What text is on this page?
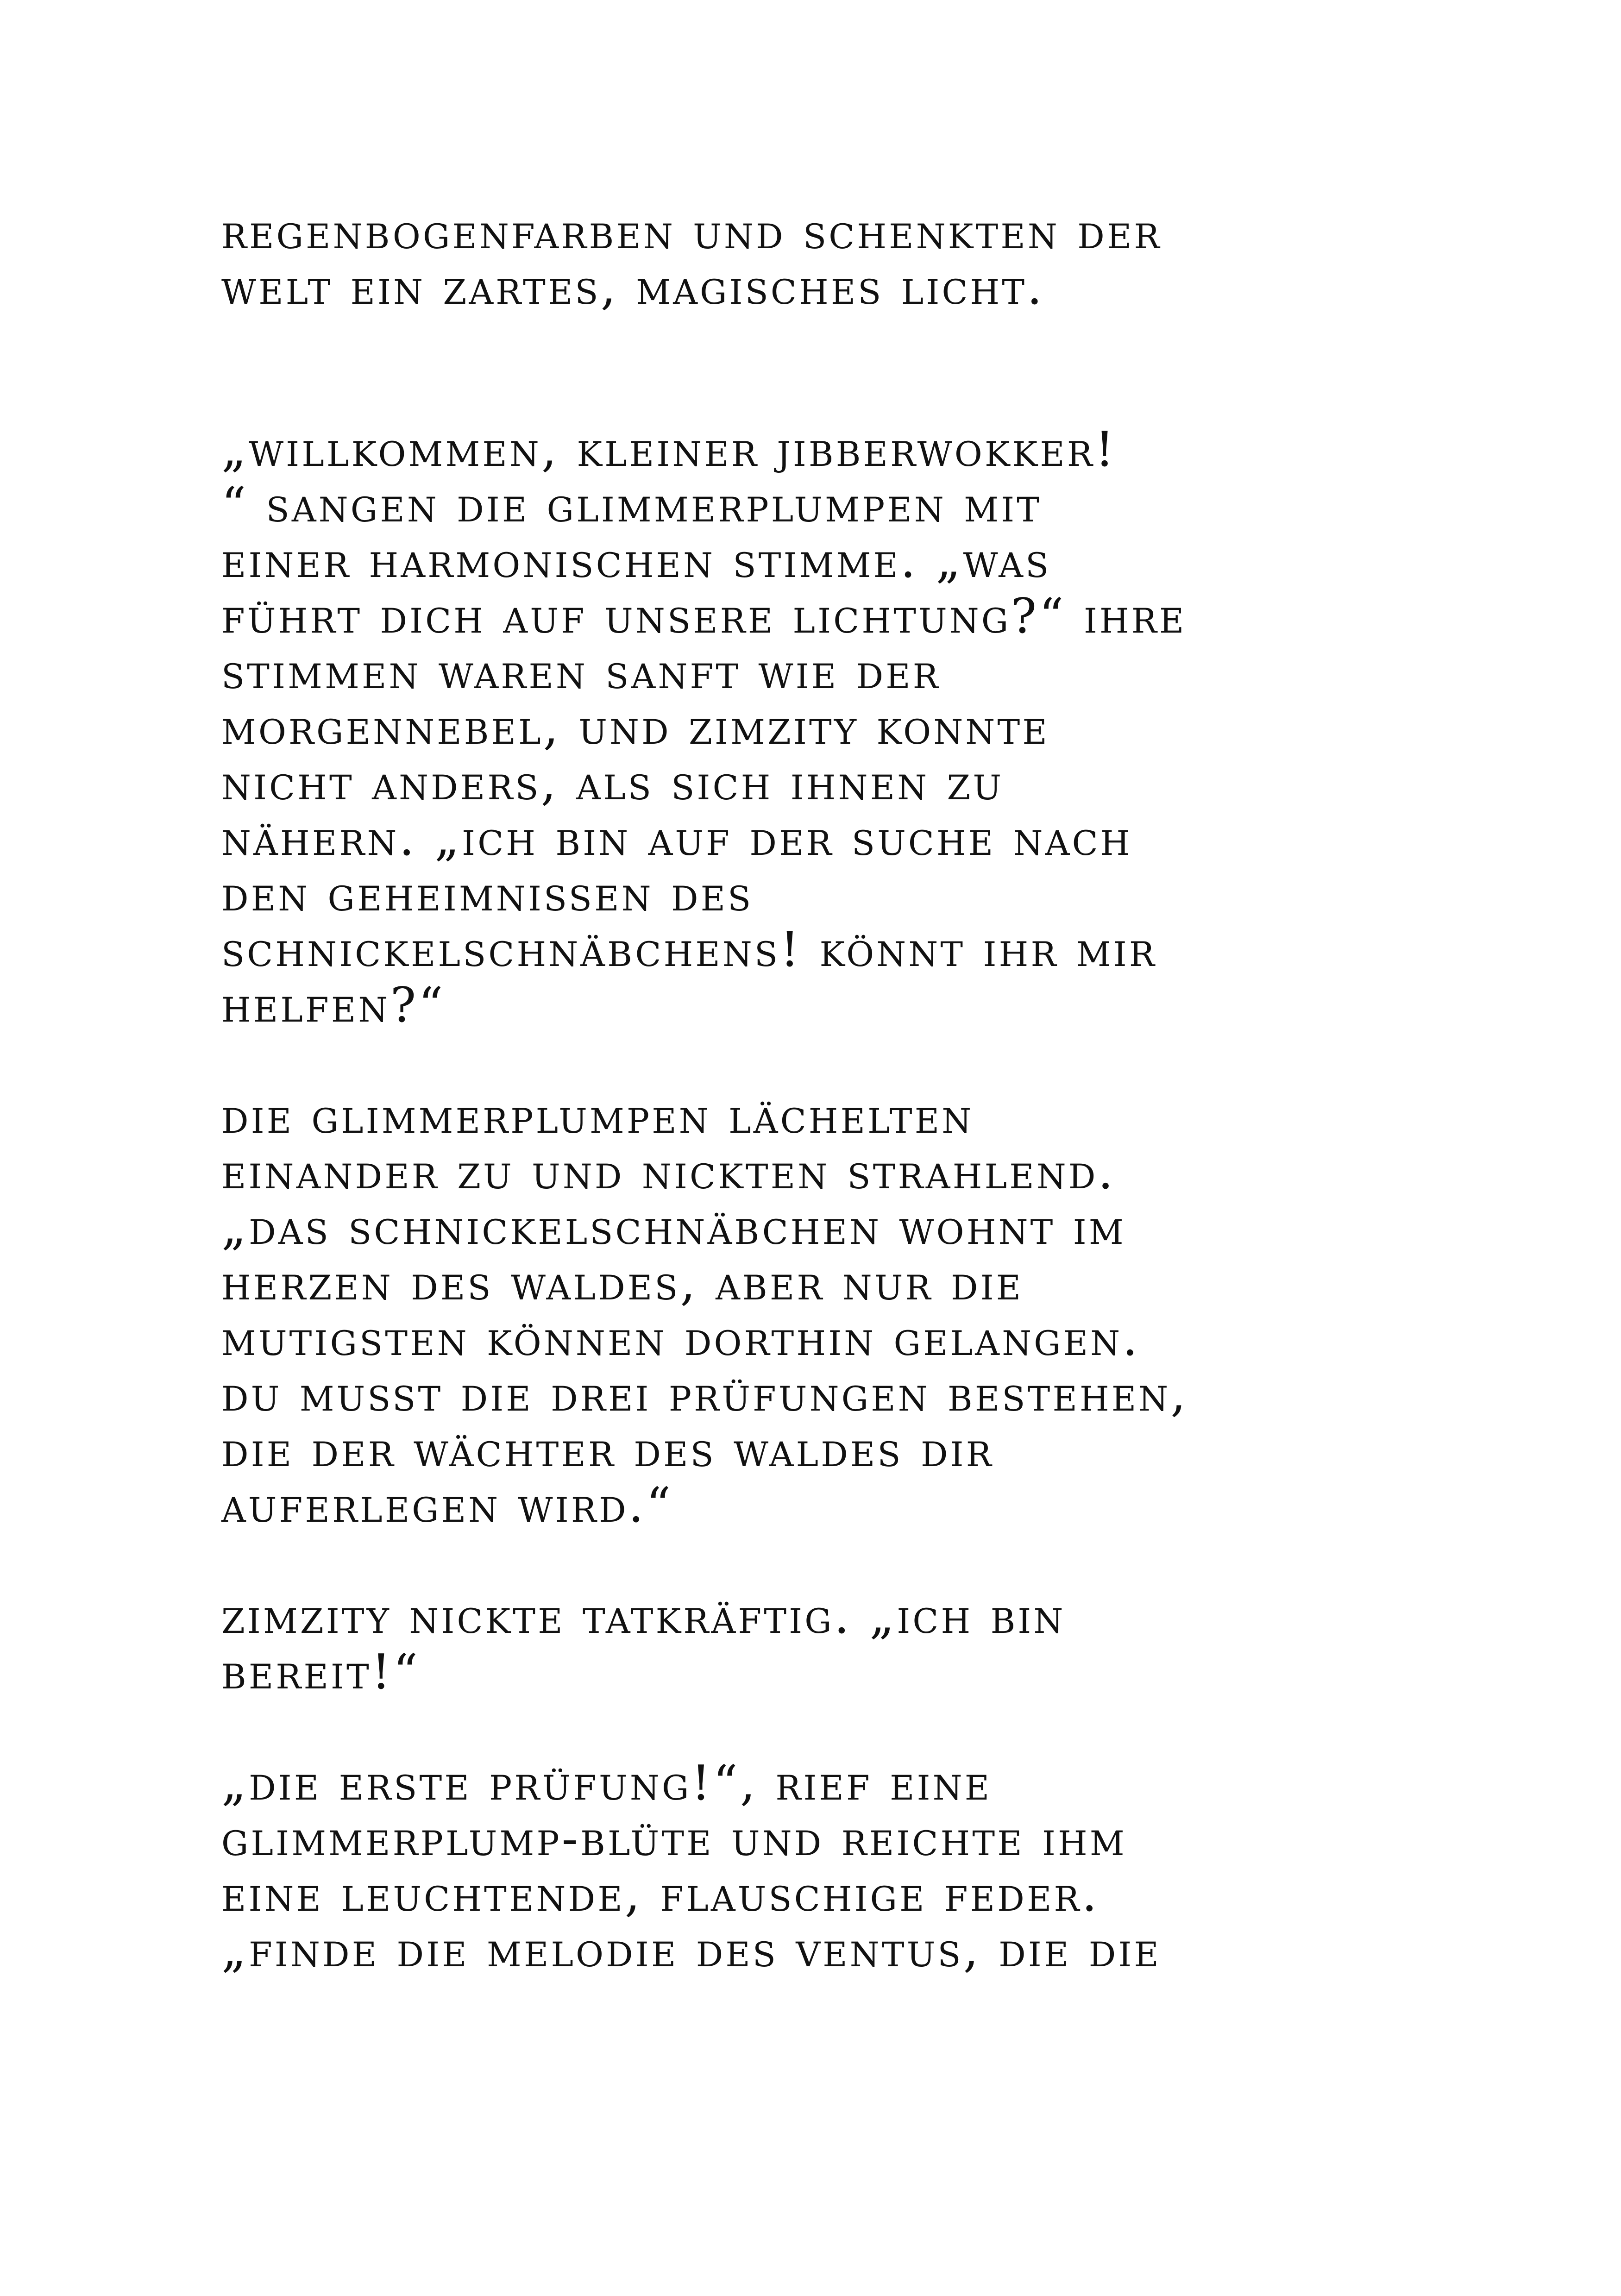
regenbogenfarben und schenkten der
welt ein zartes, magisches licht.
„willkommen, kleiner jibberwokker!
“ sangen die glimmerplumpen mit
einer harmonischen stimme. „was
führt dich auf unsere lichtung?“ ihre
stimmen waren sanft wie der
morgennebel, und zimzity konnte
nicht anders, als sich ihnen zu
nähern. „ich bin auf der suche nach
den geheimnissen des
schnickelschnäbchens! könnt ihr mir
helfen?“
die glimmerplumpen lächelten
einander zu und nickten strahlend.
„das schnickelschnäbchen wohnt im
herzen des waldes, aber nur die
mutigsten können dorthin gelangen.
du musst die drei prüfungen bestehen,
die der wächter des waldes dir
auferlegen wird.“
zimzity nickte tatkräftig. „ich bin
bereit!“
„die erste prüfung!“, rief eine
glimmerplump-blüte und reichte ihm
eine leuchtende, flauschige feder.
„finde die melodie des ventus, die die
